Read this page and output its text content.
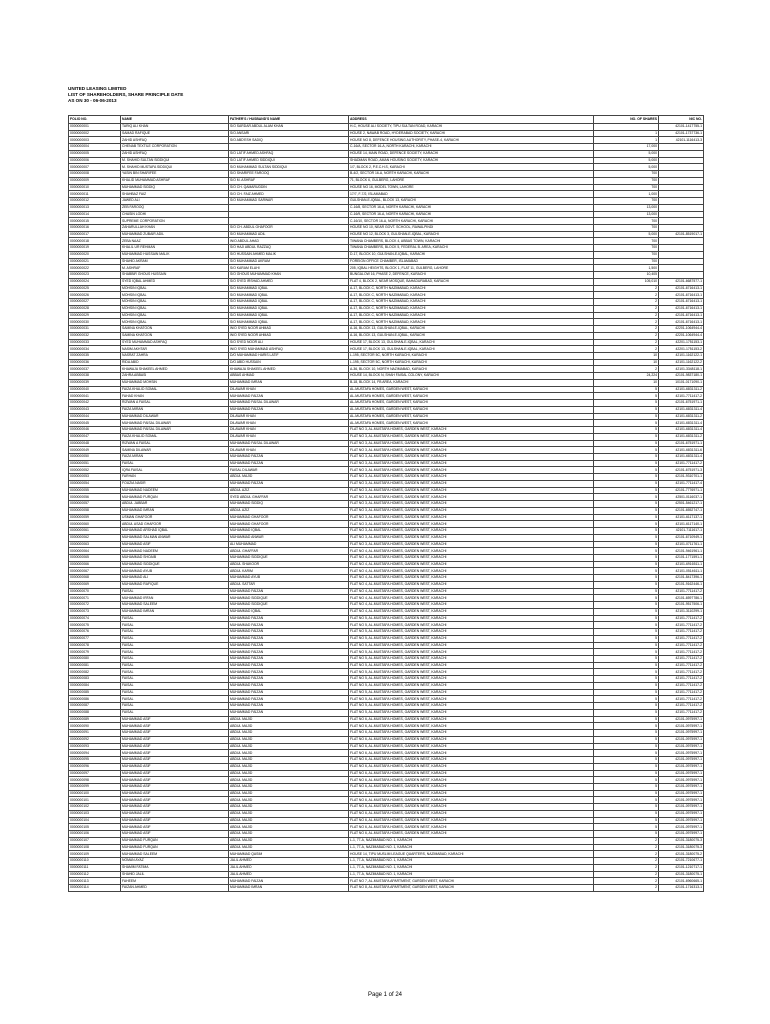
UNITED LEASING LIMITED
LIST OF SHAREHOLDERS, SHARE PRINCIPLE DATE
AS ON 30 - 06-06-2013
FOLIO NO.	NAME	FATHER'S / HUSBAND'S NAME	ADDRESS	NO. OF SHARES	NIC NO.
0000000001	TARIQ ALI KHAN	S/O SARDAR ABDUL ALAM KHAN	H-C, HOUSE ALI SOCIETY, TIPU SULTAN ROAD, KARACHI		42101-1417755-1
0000000002	SAMAD RAFIQUE	S/O ANSARI	HOUSE 2, NAWAB ROAD, HYDERABAD SOCIETY, KARACHI	1	42101-1737736-1
0000000003	ZAHID ASHFAQ	S/O ABD'ESH SADIQ	HOUSE NO 8, DEFENCE HOUSING AUTHORITY, PHASE-4, KARACHI	1	42101-1116413-3
0000000004	CHENAB TEXTILE CORPORATION		C-16/A, SECTOR 16-A, NORTH KARACHI, KARACHI	17,000	
0000000005	ZAHID ASHFAQ	S/O LATIF AHMED ASHFAQ	HOUSE 14, MAIN ROAD, DEFENCE SOCIETY, KARACHI	5,000	
0000000006	M. SHAHID SULTAN SIDDIQUI	S/O LATIF AHMED SIDDIQUI	SHADMAN ROAD, AMAN HOUSING SOCIETY, KARACHI	5,000	
0000000007	M. SHAHID MUSTAFA SIDDIQUI	S/O MUHAMMAD SULTAN SIDDIQUI	1/7, BLOCK 2, P.E.C.H.S, KARACHI	5,000	
0000000008	YASIN BIN SHARIFEE	S/O SHARIFEE FAROOQ	B-4/2, SECTOR 16-A, NORTH KARACHI, KARACHI	700	
0000000009	KHALID MUHAMMAD ASHRAF	S/O M. ASHRAF	71, BLOCK 6, GULBERG, LAHORE	700	
0000000010	MUHAMMAD SIDDIQ	S/O CH. QAMARUDDIN	HOUSE NO 16, MODEL TOWN, LAHORE	700	
0000000011	SHAHBAZ FAIZ	S/O CH. FAIZ AHMED	17/7, F-7/2, ISLAMABAD	1,000	
0000000012	JAWED ALI	S/O MUHAMMAD SARWAR	GULSHAN-E-IQBAL, BLOCK 13, KARACHI	700	
0000000013	ZEB FAROOQ		C-16/8, SECTOR 16-A, NORTH KARACHI, KARACHI	13,000	
0000000014	CHASIN LODHI		C-16/9, SECTOR 16-A, NORTH KARACHI, KARACHI	13,000	
0000000015	SUPREME CORPORATION		C-16/10, SECTOR 16-A, NORTH KARACHI, KARACHI	700	
0000000016	ZAHARULLAH KHAN	S/O CH. ABDUL GHAFOOR	HOUSE NO 10, NEAR GOVT. SCHOOL, RAWALPINDI	700	
0000000017	MUHAMMAD ZUBAIR ADIL	S/O MUHAMMAD ADIL	HOUSE NO 12, BLOCK 3, GULSHAN-E-IQBAL, KARACHI	5,000	42101-8519017-1
0000000018	ZEBA NAAZ	W/O ABDUL AHAD	TIWANA CHAMBERS, BLOCK 4, ABBAS TOWN, KARACHI	700	
0000000019	KHALIL UR REHMAN	S/O HAJI ABDUL RAZZAQ	TIWANA CHAMBERS, BLOCK 5, FEDERAL B. AREA, KARACHI	700	
0000000020	MUHAMMAD HUSSAIN MALIK	S/O HUSSAIN AHMED MALIK	D-17, BLOCK 10, GULSHAN-E-IQBAL, KARACHI	700	
0000000021	SHAHID AKRAM	S/O MUHAMMAD AKRAM	FOREIGN OFFICE CHAMBER, ISLAMABAD	700	
0000000022	M. ASHRAF	S/O KARAM ELAHI	205, IQBAL HEIGHTS, BLOCK 1, FLAT 11, GULBERG, LAHORE	1,500	
0000000023	SHABBIR GHOUS HUSSAIN	S/O GHOUS MUHAMMAD KHAN	BUNGALOW 16, PHASE 2, DEFENCE, KARACHI	10,405	
0000000024	SYED IQBAL AHMED	S/O SYED IRSHAD AHMED	FLAT 4, BLOCK 2, NEAR MOSQUE, BAHADURABAD, KARACHI	105,010	42101-6687577-1
0000000025	MOHSIN IQBAL	S/O MUHAMMAD IQBAL	A-17, BLOCK C, NORTH NAZIMABAD, KARACHI	2	42101-6716413-1
0000000026	MOHSIN IQBAL	S/O MUHAMMAD IQBAL	A-17, BLOCK C, NORTH NAZIMABAD, KARACHI	2	42101-6716413-1
0000000027	MOHSIN IQBAL	S/O MUHAMMAD IQBAL	A-17, BLOCK C, NORTH NAZIMABAD, KARACHI	2	42101-6716413-1
0000000028	MOHSIN IQBAL	S/O MUHAMMAD IQBAL	A-17, BLOCK C, NORTH NAZIMABAD, KARACHI	2	42101-6716413-1
0000000029	MOHSIN IQBAL	S/O MUHAMMAD IQBAL	A-17, BLOCK C, NORTH NAZIMABAD, KARACHI	2	42101-6716413-1
0000000030	MOHSIN IQBAL	S/O MUHAMMAD IQBAL	A-17, BLOCK C, NORTH NAZIMABAD, KARACHI	2	42101-6716413-1
0000000031	SAMINA KHATOON	W/O SYED NOOR AHMAD	A-16, BLOCK 13, GULSHAN-E-IQBAL, KARACHI	2	42201-1064944-4
0000000032	SAMINA KHATOON	W/O SYED NOOR AHMAD	A-16, BLOCK 13, GULSHAN-E-IQBAL, KARACHI	2	42201-1064944-4
0000000033	SYED MUHAMMAD ASHFAQ	S/O SYED NOOR ALI	HOUSE 17, BLOCK 13, GULSHAN-E-IQBAL, KARACHI	2	42201-1751153-1
0000000034	NASIM AKHTAR	W/O SYED MUHAMMAD ASHFAQ	HOUSE 17, BLOCK 13, GULSHAN-E-IQBAL, KARACHI	2	42201-1751153-2
0000000035	NASRAT ZAHRA	D/O MUHAMMAD HARIS LATIF	L-195, SECTOR 5C, NORTH KARACHI, KARACHI	10	42101-1162122-1
0000000036	RIDA ABID	D/O ABID HUSSAIN	L-195, SECTOR 5C, NORTH KARACHI, KARACHI	10	42101-1162122-2
0000000037	KHAWAJA SHAKEEL AHMED	KHAWAJA SHAKEEL AHMED	A-36, BLOCK 10, NORTH NAZIMABAD, KARACHI	2	42101-3348118-1
0000000038	ZAHRA ABBASI	ABBAS AHMAD	HOUSE 14, BLOCK N, SHAH FAISAL COLONY, KARACHI	24,224	42101-9837180-1
0000000039	MUHAMMAD MOHSIN	MUHAMMAD IMRAN	B-18, BLOCK 14, FB AREA, KARACHI	10	10101-0171090-1
0000000040	FAIZA KHALID SOMAL	DILAWAR KHAN	AL-MUSTAFA HOMES, GARDEN WEST, KARACHI	5	42101-6831311-2
0000000041	FAHAD KHAN	MUHAMMAD FAIZAN	AL-MUSTAFA HOMES, GARDEN WEST, KARACHI	5	42101-7711417-2
0000000042	RIZWAN A FAISAL	MUHAMMAD FAISAL DILAWAR	AL-MUSTAFA HOMES, GARDEN WEST, KARACHI	5	42101-6751971-1
0000000043	FAIZA MIRAN	MUHAMMAD FAIZAN	AL-MUSTAFA HOMES, GARDEN WEST, KARACHI	5	42101-6831311-4
0000000044	MUHAMMAD DILAWAR	DILAWAR KHAN	AL-MUSTAFA HOMES, GARDEN WEST, KARACHI	5	42101-6831311-2
0000000045	MUHAMMAD FAISAL DILAWAR	DILAWAR KHAN	AL-MUSTAFA HOMES, GARDEN WEST, KARACHI	5	42101-6831311-4
0000000046	MUHAMMAD FAISAL DILAWAR	DILAWAR KHAN	FLAT NO 3, AL-MUSTAFA HOMES, GARDEN WEST, KARACHI	5	42101-6831311-4
0000000047	FAIZA KHALID SOMAL	DILAWAR KHAN	FLAT NO 3, AL-MUSTAFA HOMES, GARDEN WEST, KARACHI	5	42101-6831311-2
0000000048	RIZWAN A FAISAL	MUHAMMAD FAISAL DILAWAR	FLAT NO 3, AL-MUSTAFA HOMES, GARDEN WEST, KARACHI	5	42101-6751971-1
0000000049	SAMINA DILAWAR	DILAWAR KHAN	FLAT NO 3, AL-MUSTAFA HOMES, GARDEN WEST, KARACHI	5	42101-6831311-6
0000000050	FAIZA MIRAN	MUHAMMAD FAIZAN	FLAT NO 3, AL-MUSTAFA HOMES, GARDEN WEST, KARACHI	5	42101-6831311-4
0000000051	FAISAL	MUHAMMAD FAIZAN	FLAT NO 3, AL-MUSTAFA HOMES, GARDEN WEST, KARACHI	5	42101-7711417-2
0000000052	IQRA FAISAL	FAISAL DILAWAR	FLAT NO 3, AL-MUSTAFA HOMES, GARDEN WEST, KARACHI	5	42101-6751971-3
0000000053	FARHAN	ABDUL MAJID	FLAT NO 3, AL-MUSTAFA HOMES, GARDEN WEST, KARACHI	5	42101-9310701-1
0000000054	FOUZIA NASIR	MUHAMMAD FAIZAN	FLAT NO 3, AL-MUSTAFA HOMES, GARDEN WEST, KARACHI	5	42101-7711417-4
0000000055	MUHAMMAD NADEEM	ABDUL AZIZ	FLAT NO 3, AL-MUSTAFA HOMES, GARDEN WEST, KARACHI	5	42101-7776971-1
0000000056	MUHAMMAD FURQAN	SYED ABDUL GHAFFAR	FLAT NO 3, AL-MUSTAFA HOMES, GARDEN WEST, KARACHI	5	42501-0116037-1
0000000057	ABDUL JABBAR	MUHAMMAD SIDDIQ	FLAT NO 3, AL-MUSTAFA HOMES, GARDEN WEST, KARACHI	5	42501-5461217-1
0000000058	MUHAMMAD IMRAN	ABDUL AZIZ	FLAT NO 3, AL-MUSTAFA HOMES, GARDEN WEST, KARACHI	5	42101-6552747-1
0000000059	USMAN GHAFOOR	MUHAMMAD GHAFOOR	FLAT NO 3, AL-MUSTAFA HOMES, GARDEN WEST, KARACHI	5	42101-6117137-1
0000000060	ABDUL ASAD GHAFOOR	MUHAMMAD GHAFOOR	FLAT NO 3, AL-MUSTAFA HOMES, GARDEN WEST, KARACHI	5	42101-6117140-1
0000000061	MUHAMMAD ARSHAD IQBAL	MUHAMMAD IQBAL	FLAT NO 3, AL-MUSTAFA HOMES, GARDEN WEST, KARACHI	5	42101-7111617-1
0000000062	MUHAMMAD SALMAN ANWAR	MUHAMMAD ANWAR	FLAT NO 3, AL-MUSTAFA HOMES, GARDEN WEST, KARACHI	5	42101-6710949-1
0000000063	MUHAMMAD ASIF	ALI MUHAMMAD	FLAT NO 3, AL-MUSTAFA HOMES, GARDEN WEST, KARACHI	5	42101-0711761-1
0000000064	MUHAMMAD NADEEM	ABDUL GHAFFAR	FLAT NO 4, AL-MUSTAFA HOMES, GARDEN WEST, KARACHI	5	42101-9461961-1
0000000065	MUHAMMAD SHOAIB	MUHAMMAD SIDDIQUE	FLAT NO 4, AL-MUSTAFA HOMES, GARDEN WEST, KARACHI	5	42101-1771591-1
0000000066	MUHAMMAD SIDDIQUE	ABDUL SHAKOOR	FLAT NO 4, AL-MUSTAFA HOMES, GARDEN WEST, KARACHI	5	42101-6916511-1
0000000067	MUHAMMAD AYUB	ABDUL KARIM	FLAT NO 4, AL-MUSTAFA HOMES, GARDEN WEST, KARACHI	5	42101-0514611-1
0000000068	MUHAMMAD ALI	MUHAMMAD AYUB	FLAT NO 4, AL-MUSTAFA HOMES, GARDEN WEST, KARACHI	5	42101-8417396-1
0000000069	MUHAMMAD RAFIQUE	ABDUL SATTAR	FLAT NO 4, AL-MUSTAFA HOMES, GARDEN WEST, KARACHI	5	42101-9162446-1
0000000070	FAISAL	MUHAMMAD FAIZAN	FLAT NO 4, AL-MUSTAFA HOMES, GARDEN WEST, KARACHI	5	42101-7711417-2
0000000071	MUHAMMAD IRFAN	MUHAMMAD SIDDIQUE	FLAT NO 4, AL-MUSTAFA HOMES, GARDEN WEST, KARACHI	5	42101-6597786-1
0000000072	MUHAMMAD SALEEM	MUHAMMAD SIDDIQUE	FLAT NO 4, AL-MUSTAFA HOMES, GARDEN WEST, KARACHI	5	42101-9517506-1
0000000073	MUHAMMAD IMRAN	MUHAMMAD IQBAL	FLAT NO 4, AL-MUSTAFA HOMES, GARDEN WEST, KARACHI	5	42101-3110299-1
0000000074	FAISAL	MUHAMMAD FAIZAN	FLAT NO 5, AL-MUSTAFA HOMES, GARDEN WEST, KARACHI	5	42101-7711417-2
0000000075	FAISAL	MUHAMMAD FAIZAN	FLAT NO 5, AL-MUSTAFA HOMES, GARDEN WEST, KARACHI	5	42101-7711417-2
0000000076	FAISAL	MUHAMMAD FAIZAN	FLAT NO 5, AL-MUSTAFA HOMES, GARDEN WEST, KARACHI	5	42101-7711417-2
0000000077	FAISAL	MUHAMMAD FAIZAN	FLAT NO 5, AL-MUSTAFA HOMES, GARDEN WEST, KARACHI	5	42101-7711417-2
0000000078	FAISAL	MUHAMMAD FAIZAN	FLAT NO 5, AL-MUSTAFA HOMES, GARDEN WEST, KARACHI	5	42101-7711417-2
0000000079	FAISAL	MUHAMMAD FAIZAN	FLAT NO 5, AL-MUSTAFA HOMES, GARDEN WEST, KARACHI	5	42101-7711417-2
0000000080	FAISAL	MUHAMMAD FAIZAN	FLAT NO 5, AL-MUSTAFA HOMES, GARDEN WEST, KARACHI	5	42101-7711417-2
0000000081	FAISAL	MUHAMMAD FAIZAN	FLAT NO 5, AL-MUSTAFA HOMES, GARDEN WEST, KARACHI	5	42101-7711417-2
0000000082	FAISAL	MUHAMMAD FAIZAN	FLAT NO 5, AL-MUSTAFA HOMES, GARDEN WEST, KARACHI	5	42101-7711417-2
0000000083	FAISAL	MUHAMMAD FAIZAN	FLAT NO 5, AL-MUSTAFA HOMES, GARDEN WEST, KARACHI	5	42101-7711417-2
0000000084	FAISAL	MUHAMMAD FAIZAN	FLAT NO 5, AL-MUSTAFA HOMES, GARDEN WEST, KARACHI	5	42101-7711417-2
0000000085	FAISAL	MUHAMMAD FAIZAN	FLAT NO 5, AL-MUSTAFA HOMES, GARDEN WEST, KARACHI	5	42101-7711417-2
0000000086	FAISAL	MUHAMMAD FAIZAN	FLAT NO 5, AL-MUSTAFA HOMES, GARDEN WEST, KARACHI	5	42101-7711417-2
0000000087	FAISAL	MUHAMMAD FAIZAN	FLAT NO 5, AL-MUSTAFA HOMES, GARDEN WEST, KARACHI	5	42101-7711417-2
0000000088	FAISAL	MUHAMMAD FAIZAN	FLAT NO 5, AL-MUSTAFA HOMES, GARDEN WEST, KARACHI	5	42101-7711417-2
0000000089	MUHAMMAD ASIF	ABDUL MAJID	FLAT NO 6, AL-MUSTAFA HOMES, GARDEN WEST, KARACHI	5	42101-0975997-1
0000000090	MUHAMMAD ASIF	ABDUL MAJID	FLAT NO 6, AL-MUSTAFA HOMES, GARDEN WEST, KARACHI	5	42101-0975997-1
0000000091	MUHAMMAD ASIF	ABDUL MAJID	FLAT NO 6, AL-MUSTAFA HOMES, GARDEN WEST, KARACHI	5	42101-0975997-1
0000000092	MUHAMMAD ASIF	ABDUL MAJID	FLAT NO 6, AL-MUSTAFA HOMES, GARDEN WEST, KARACHI	5	42101-0975997-1
0000000093	MUHAMMAD ASIF	ABDUL MAJID	FLAT NO 6, AL-MUSTAFA HOMES, GARDEN WEST, KARACHI	5	42101-0975997-1
0000000094	MUHAMMAD ASIF	ABDUL MAJID	FLAT NO 6, AL-MUSTAFA HOMES, GARDEN WEST, KARACHI	5	42101-0975997-1
0000000095	MUHAMMAD ASIF	ABDUL MAJID	FLAT NO 6, AL-MUSTAFA HOMES, GARDEN WEST, KARACHI	5	42101-0975997-1
0000000096	MUHAMMAD ASIF	ABDUL MAJID	FLAT NO 6, AL-MUSTAFA HOMES, GARDEN WEST, KARACHI	5	42101-0975997-1
0000000097	MUHAMMAD ASIF	ABDUL MAJID	FLAT NO 6, AL-MUSTAFA HOMES, GARDEN WEST, KARACHI	5	42101-0975997-1
0000000098	MUHAMMAD ASIF	ABDUL MAJID	FLAT NO 6, AL-MUSTAFA HOMES, GARDEN WEST, KARACHI	5	42101-0975997-1
0000000099	MUHAMMAD ASIF	ABDUL MAJID	FLAT NO 6, AL-MUSTAFA HOMES, GARDEN WEST, KARACHI	5	42101-0975997-1
0000000100	MUHAMMAD ASIF	ABDUL MAJID	FLAT NO 6, AL-MUSTAFA HOMES, GARDEN WEST, KARACHI	5	42101-0975997-1
0000000101	MUHAMMAD ASIF	ABDUL MAJID	FLAT NO 6, AL-MUSTAFA HOMES, GARDEN WEST, KARACHI	5	42101-0975997-1
0000000102	MUHAMMAD ASIF	ABDUL MAJID	FLAT NO 6, AL-MUSTAFA HOMES, GARDEN WEST, KARACHI	5	42101-0975997-1
0000000103	MUHAMMAD ASIF	ABDUL MAJID	FLAT NO 6, AL-MUSTAFA HOMES, GARDEN WEST, KARACHI	5	42101-0975997-1
0000000104	MUHAMMAD ASIF	ABDUL MAJID	FLAT NO 6, AL-MUSTAFA HOMES, GARDEN WEST, KARACHI	5	42101-0975997-1
0000000105	MUHAMMAD ASIF	ABDUL MAJID	FLAT NO 6, AL-MUSTAFA HOMES, GARDEN WEST, KARACHI	5	42101-0975997-1
0000000106	MUHAMMAD ASIF	ABDUL MAJID	FLAT NO 6, AL-MUSTAFA HOMES, GARDEN WEST, KARACHI	5	42101-0975997-1
0000000107	MUHAMMAD FURQAN	ABDUL MAJID	L-1, 77-A, NAZIMABAD NO. 1, KARACHI	2	42101-3180075-3
0000000108	MUHAMMAD FURQAN	ABDUL MAJID	L-1, 77-A, NAZIMABAD NO. 1, KARACHI	2	42101-3180075-3
0000000109	MUHAMMAD SALEEM	MUHAMMAD QASIM	HOUSE 14, TIPU MUSLIM LEAGUE QUARTERS, NAZIMABAD, KARACHI	2	42101-3180075-2
0000000110	NOMAN AYAZ	JALIL AHMED	L-1, 77-A, NAZIMABAD NO. 1, KARACHI	2	42101-7210677-1
0000000111	SHAMIM FATIMA	JALIL AHMED	L-1, 77-A, NAZIMABAD NO. 1, KARACHI	2	42101-1210717-1
0000000112	SHAHID JALIL	JALIL AHMED	L-1, 77-A, NAZIMABAD NO. 1, KARACHI	2	42101-3180075-1
0000000113	FAHEEM	MUHAMMAD FAIZAN	FLAT NO 7, AL-MUSTAFA APARTMENT, GARDEN WEST, KARACHI	2	42101-6960665-1
0000000114	FAIZAN AHMED	MUHAMMAD IMRAN	FLAT NO 8, AL-MUSTAFA APARTMENT, GARDEN WEST, KARACHI	2	42101-1716313-1
Page 1 of 24
